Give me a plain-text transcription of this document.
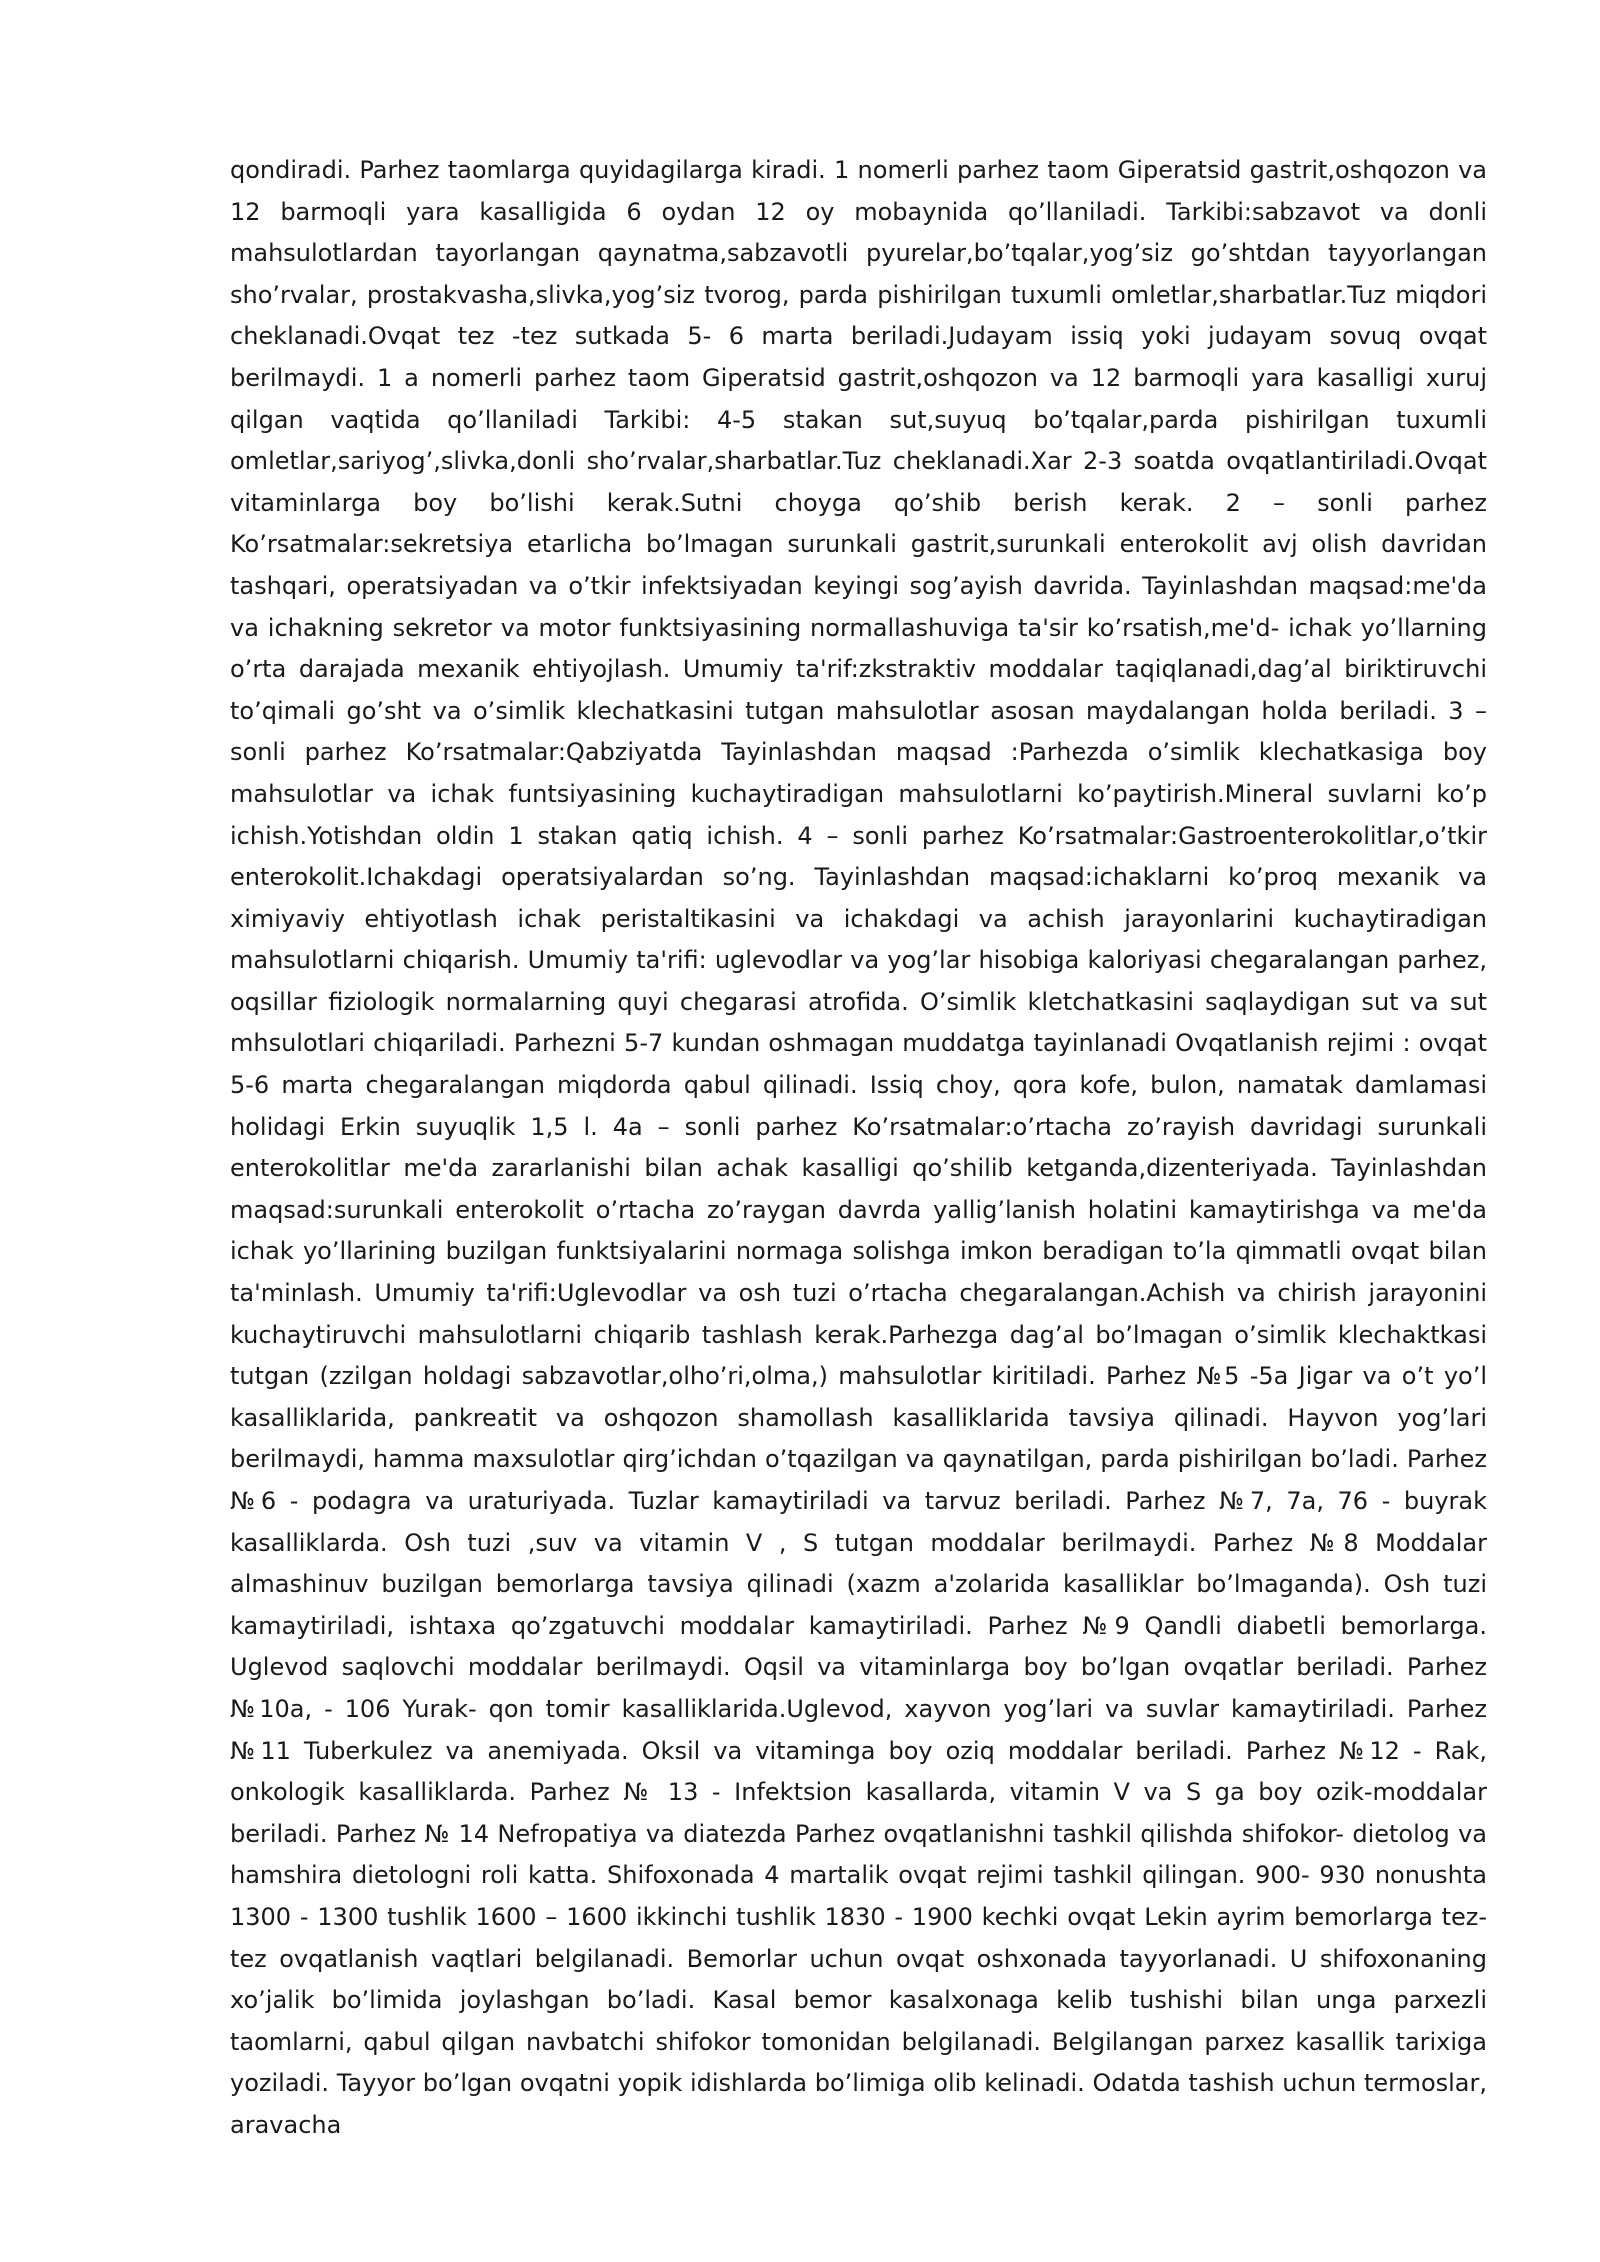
qondiradi. Parhez taomlarga quyidagilarga kiradi. 1 nomerli parhez taom Giperatsid gastrit,oshqozon va 12 barmoqli yara kasalligida 6 oydan 12 oy mobaynida qo’llaniladi. Tarkibi:sabzavot va donli mahsulotlardan tayorlangan qaynatma,sabzavotli pyurelar,bo’tqalar,yog’siz go’shtdan tayyorlangan sho’rvalar, prostakvasha,slivka,yog’siz tvorog, parda pishirilgan tuxumli omletlar,sharbatlar.Tuz miqdori cheklanadi.Ovqat tez -tez sutkada 5- 6 marta beriladi.Judayam issiq yoki judayam sovuq ovqat berilmaydi. 1 a nomerli parhez taom Giperatsid gastrit,oshqozon va 12 barmoqli yara kasalligi xuruj qilgan vaqtida qo’llaniladi Tarkibi: 4-5 stakan sut,suyuq bo’tqalar,parda pishirilgan tuxumli omletlar,sariyog’,slivka,donli sho’rvalar,sharbatlar.Tuz cheklanadi.Xar 2-3 soatda ovqatlantiriladi.Ovqat vitaminlarga boy bo’lishi kerak.Sutni choyga qo’shib berish kerak. 2 – sonli parhez Ko’rsatmalar:sekretsiya etarlicha bo’lmagan surunkali gastrit,surunkali enterokolit avj olish davridan tashqari, operatsiyadan va o’tkir infektsiyadan keyingi sog’ayish davrida. Tayinlashdan maqsad:me'da va ichakning sekretor va motor funktsiyasining normallashuviga ta'sir ko’rsatish,me'd- ichak yo’llarning o’rta darajada mexanik ehtiyojlash. Umumiy ta'rif:zkstraktiv moddalar taqiqlanadi,dag’al biriktiruvchi to’qimali go’sht va o’simlik klechatkasini tutgan mahsulotlar asosan maydalangan holda beriladi. 3 – sonli parhez Ko’rsatmalar:Qabziyatda Tayinlashdan maqsad :Parhezda o’simlik klechatkasiga boy mahsulotlar va ichak funtsiyasining kuchaytiradigan mahsulotlarni ko’paytirish.Mineral suvlarni ko’p ichish.Yotishdan oldin 1 stakan qatiq ichish. 4 – sonli parhez Ko’rsatmalar:Gastroenterokolitlar,o’tkir enterokolit.Ichakdagi operatsiyalardan so’ng. Tayinlashdan maqsad:ichaklarni ko’proq mexanik va ximiyaviy ehtiyotlash ichak peristaltikasini va ichakdagi va achish jarayonlarini kuchaytiradigan mahsulotlarni chiqarish. Umumiy ta'rifi: uglevodlar va yog’lar hisobiga kaloriyasi chegaralangan parhez, oqsillar fiziologik normalarning quyi chegarasi atrofida. O’simlik kletchatkasini saqlaydigan sut va sut mhsulotlari chiqariladi. Parhezni 5-7 kundan oshmagan muddatga tayinlanadi Ovqatlanish rejimi : ovqat 5-6 marta chegaralangan miqdorda qabul qilinadi. Issiq choy, qora kofe, bulon, namatak damlamasi holidagi Erkin suyuqlik 1,5 l. 4a – sonli parhez Ko’rsatmalar:o’rtacha zo’rayish davridagi surunkali enterokolitlar me'da zararlanishi bilan achak kasalligi qo’shilib ketganda,dizenteriyada. Tayinlashdan maqsad:surunkali enterokolit o’rtacha zo’raygan davrda yallig’lanish holatini kamaytirishga va me'da ichak yo’llarining buzilgan funktsiyalarini normaga solishga imkon beradigan to’la qimmatli ovqat bilan ta'minlash. Umumiy ta'rifi:Uglevodlar va osh tuzi o’rtacha chegaralangan.Achish va chirish jarayonini kuchaytiruvchi mahsulotlarni chiqarib tashlash kerak.Parhezga dag’al bo’lmagan o’simlik klechaktkasi tutgan (zzilgan holdagi sabzavotlar,olho’ri,olma,) mahsulotlar kiritiladi. Parhez №5 -5a Jigar va o’t yo’l kasalliklarida, pankreatit va oshqozon shamollash kasalliklarida tavsiya qilinadi. Hayvon yog’lari berilmaydi, hamma maxsulotlar qirg’ichdan o’tqazilgan va qaynatilgan, parda pishirilgan bo’ladi. Parhez №6 - podagra va uraturiyada. Tuzlar kamaytiriladi va tarvuz beriladi. Parhez №7, 7a, 76 - buyrak kasalliklarda. Osh tuzi ,suv va vitamin V , S tutgan moddalar berilmaydi. Parhez №8 Moddalar almashinuv buzilgan bemorlarga tavsiya qilinadi (xazm a'zolarida kasalliklar bo’lmaganda). Osh tuzi kamaytiriladi, ishtaxa qo’zgatuvchi moddalar kamaytiriladi. Parhez №9 Qandli diabetli bemorlarga. Uglevod saqlovchi moddalar berilmaydi. Oqsil va vitaminlarga boy bo’lgan ovqatlar beriladi. Parhez №10a, - 106 Yurak- qon tomir kasalliklarida.Uglevod, xayvon yog’lari va suvlar kamaytiriladi. Parhez №11 Tuberkulez va anemiyada. Oksil va vitaminga boy oziq moddalar beriladi. Parhez №12 - Rak, onkologik kasalliklarda. Parhez № 13 - Infektsion kasallarda, vitamin V va S ga boy ozik-moddalar beriladi. Parhez № 14 Nefropatiya va diatezda Parhez ovqatlanishni tashkil qilishda shifokor- dietolog va hamshira dietologni roli katta. Shifoxonada 4 martalik ovqat rejimi tashkil qilingan. 900- 930 nonushta 1300 - 1300 tushlik 1600 – 1600 ikkinchi tushlik 1830 - 1900 kechki ovqat Lekin ayrim bemorlarga tez-tez ovqatlanish vaqtlari belgilanadi. Bemorlar uchun ovqat oshxonada tayyorlanadi. U shifoxonaning xo’jalik bo’limida joylashgan bo’ladi. Kasal bemor kasalxonaga kelib tushishi bilan unga parxezli taomlarni, qabul qilgan navbatchi shifokor tomonidan belgilanadi. Belgilangan parxez kasallik tarixiga yoziladi. Tayyor bo’lgan ovqatni yopik idishlarda bo’limiga olib kelinadi. Odatda tashish uchun termoslar, aravacha
